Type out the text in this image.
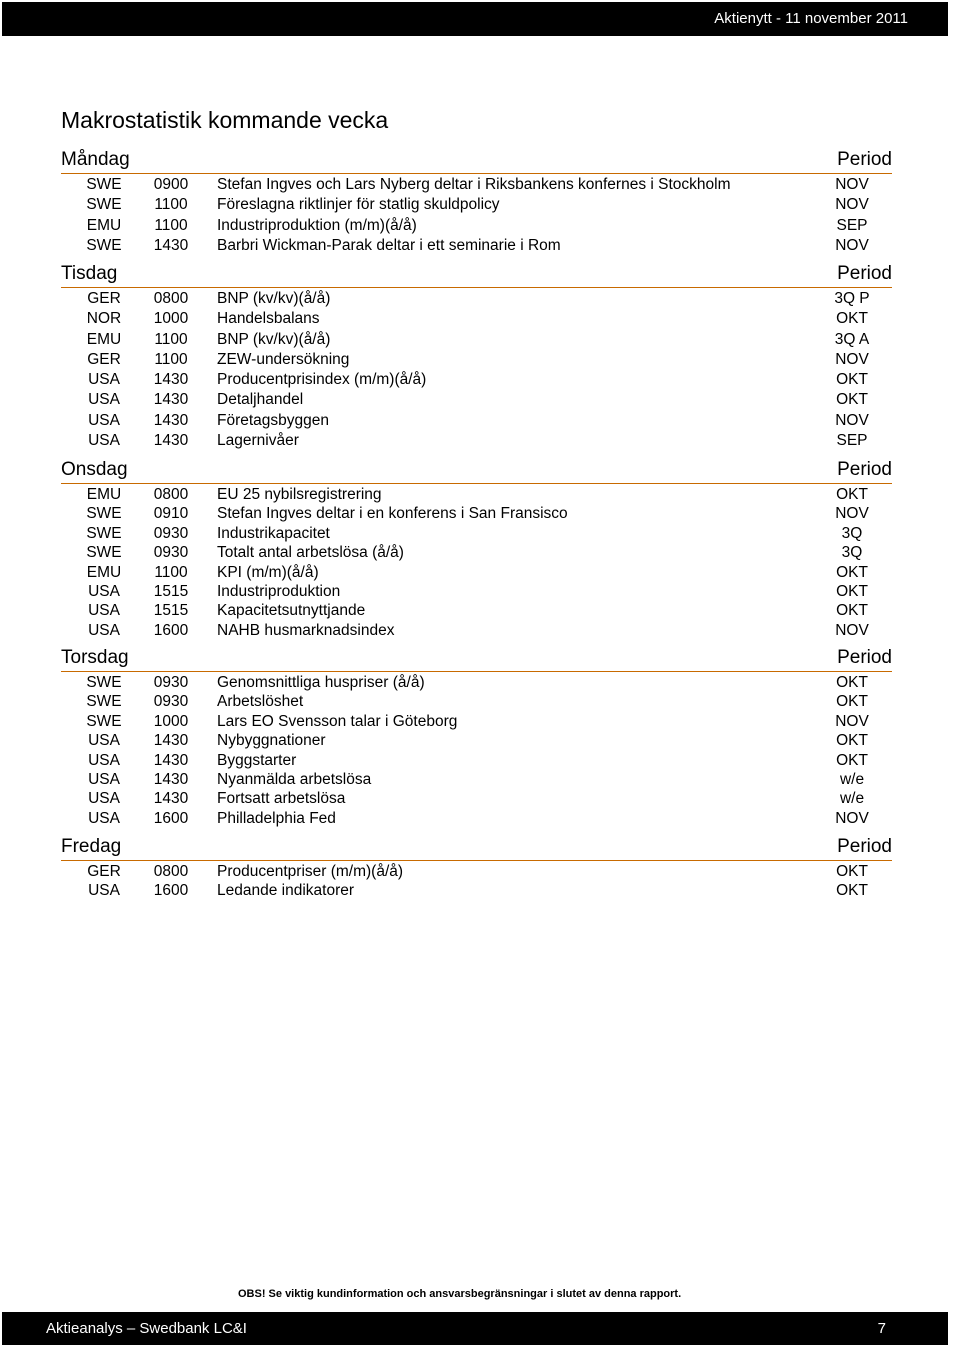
Aktienytt - 11 november 2011
Makrostatistik kommande vecka
Måndag	Period
SWE	0900	Stefan Ingves och Lars Nyberg deltar i Riksbankens konfernes i Stockholm	NOV
SWE	1100	Föreslagna riktlinjer för statlig skuldpolicy	NOV
EMU	1100	Industriproduktion (m/m)(å/å)	SEP
SWE	1430	Barbri Wickman-Parak deltar i ett seminarie i Rom	NOV
Tisdag	Period
GER	0800	BNP (kv/kv)(å/å)	3Q P
NOR	1000	Handelsbalans	OKT
EMU	1100	BNP (kv/kv)(å/å)	3Q A
GER	1100	ZEW-undersökning	NOV
USA	1430	Producentprisindex (m/m)(å/å)	OKT
USA	1430	Detaljhandel	OKT
USA	1430	Företagsbyggen	NOV
USA	1430	Lagernivåer	SEP
Onsdag	Period
EMU	0800	EU 25 nybilsregistrering	OKT
SWE	0910	Stefan Ingves deltar i en konferens i San Fransisco	NOV
SWE	0930	Industrikapacitet	3Q
SWE	0930	Totalt antal arbetslösa (å/å)	3Q
EMU	1100	KPI (m/m)(å/å)	OKT
USA	1515	Industriproduktion	OKT
USA	1515	Kapacitetsutnyttjande	OKT
USA	1600	NAHB husmarknadsindex	NOV
Torsdag	Period
SWE	0930	Genomsnittliga huspriser (å/å)	OKT
SWE	0930	Arbetslöshet	OKT
SWE	1000	Lars EO Svensson talar i Göteborg	NOV
USA	1430	Nybyggnationer	OKT
USA	1430	Byggstarter	OKT
USA	1430	Nyanmälda arbetslösa	w/e
USA	1430	Fortsatt arbetslösa	w/e
USA	1600	Philladelphia Fed	NOV
Fredag	Period
GER	0800	Producentpriser (m/m)(å/å)	OKT
USA	1600	Ledande indikatorer	OKT
OBS! Se viktig kundinformation och ansvarsbegränsningar i slutet av denna rapport.
Aktieanalys – Swedbank LC&I	7
